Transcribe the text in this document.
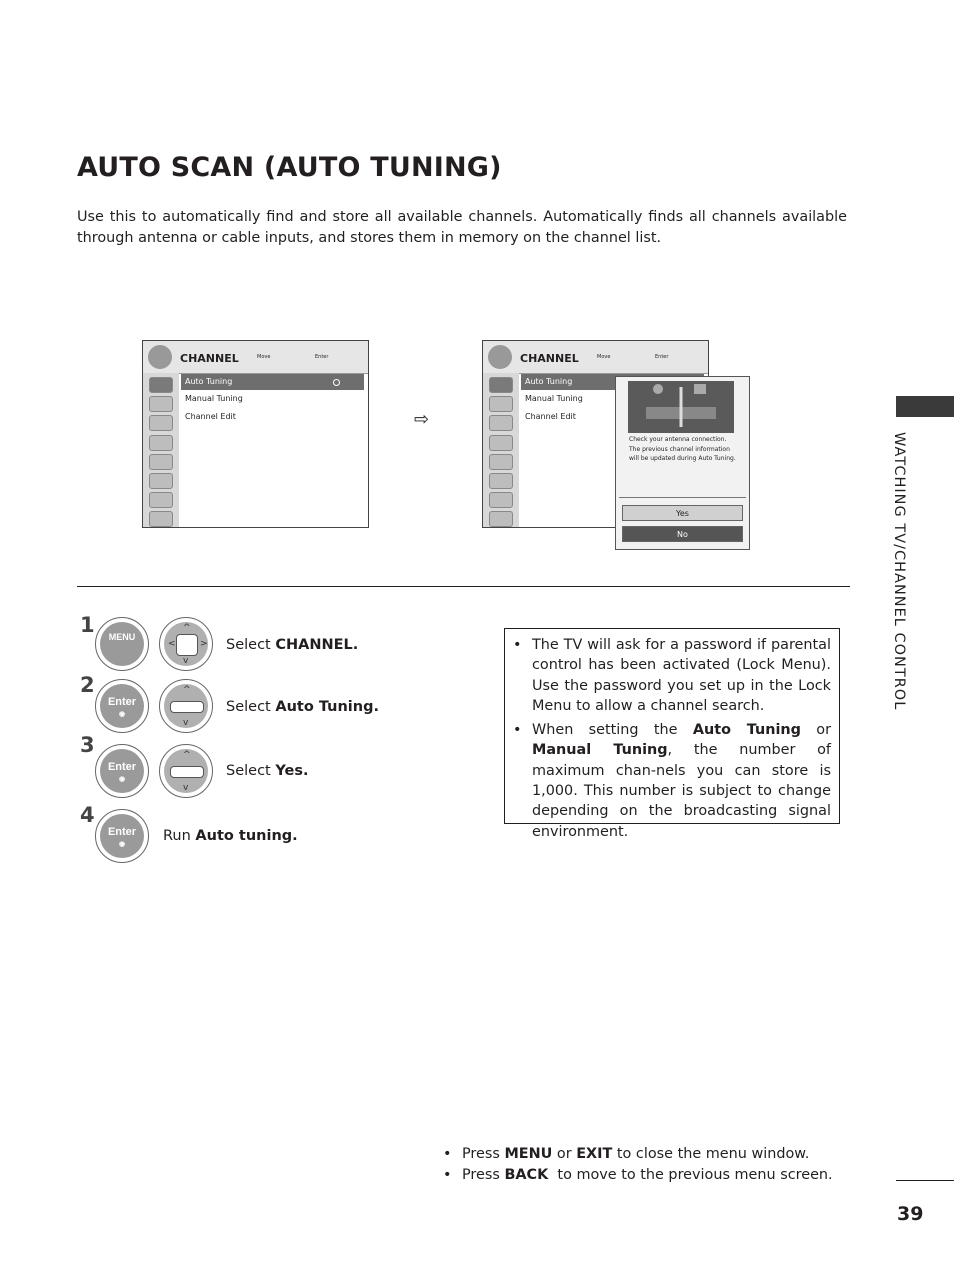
AUTO SCAN (AUTO TUNING)
Use this to automatically find and store all available channels. Automatically finds all channels available through antenna or cable inputs, and stores them in memory on the channel list.
CHANNEL	Move	Enter
Auto Tuning
Manual Tuning
Channel Edit	⇨
CHANNEL	Move	Enter
Auto Tuning
Manual Tuning
Channel Edit
Check your antenna connection. The previous channel information will be updated during Auto Tuning.
Yes
No
1	MENU
^
v
<	> Select CHANNEL.
2
Enter
◉
^
v
Select Auto Tuning.
3
Enter
◉
^
v
Select Yes.
4
Enter
◉
Run Auto tuning.
• The TV will ask for a password if parental control has been activated (Lock Menu). Use the password you set up in the Lock Menu to allow a channel search.
• When setting the Auto Tuning or Manual Tuning, the number of maximum chan-nels you can store is 1,000. This number is subject to change depending on the broadcasting signal environment.
• Press MENU or EXIT to close the menu window.
• Press BACK  to move to the previous menu screen.
WATCHING TV/CHANNEL CONTROL
39
